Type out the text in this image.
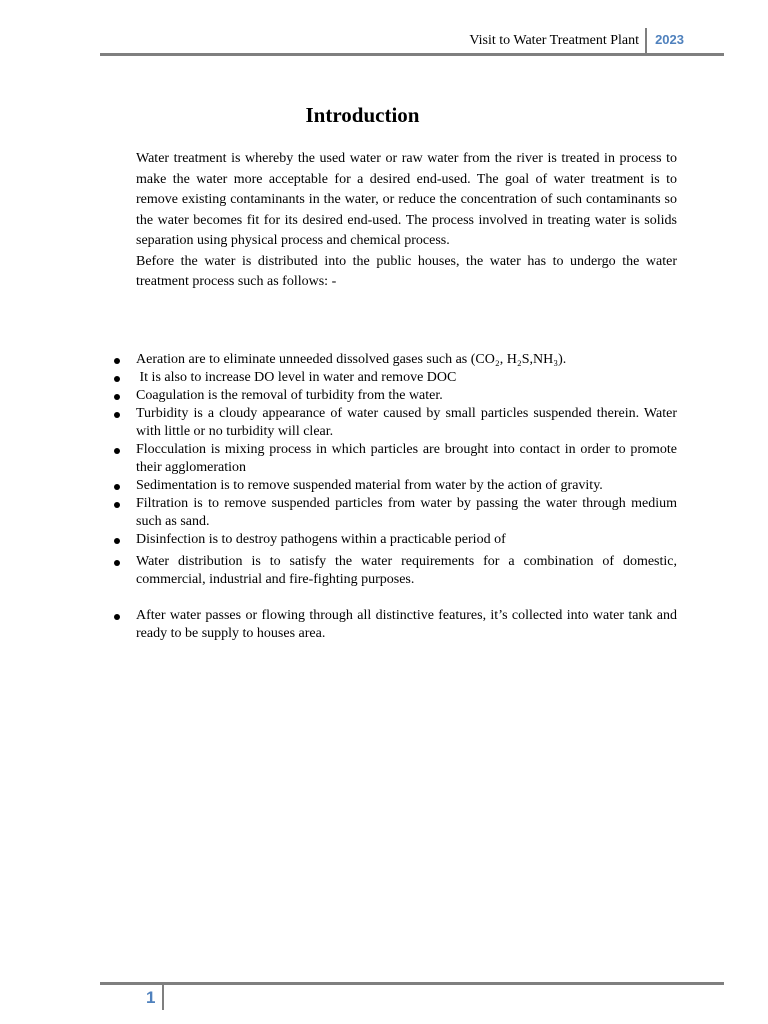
Visit to Water Treatment Plant 2023
Introduction

Water treatment is whereby the used water or raw water from the river is treated in process to make the water more acceptable for a desired end-used. The goal of water treatment is to remove existing contaminants in the water, or reduce the concentration of such contaminants so the water becomes fit for its desired end-used. The process involved in treating water is solids separation using physical process and chemical process.

Before the water is distributed into the public houses, the water has to undergo the water treatment process such as follows: -

Aeration are to eliminate unneeded dissolved gases such as (CO₂, H₂S,NH₃).
It is also to increase DO level in water and remove DOC
Coagulation is the removal of turbidity from the water.
Turbidity is a cloudy appearance of water caused by small particles suspended therein. Water with little or no turbidity will clear.
Flocculation is mixing process in which particles are brought into contact in order to promote their agglomeration
Sedimentation is to remove suspended material from water by the action of gravity.
Filtration is to remove suspended particles from water by passing the water through medium such as sand.
Disinfection is to destroy pathogens within a practicable period of
Water distribution is to satisfy the water requirements for a combination of domestic, commercial, industrial and fire-fighting purposes.
After water passes or flowing through all distinctive features, it’s collected into water tank and ready to be supply to houses area.
1
